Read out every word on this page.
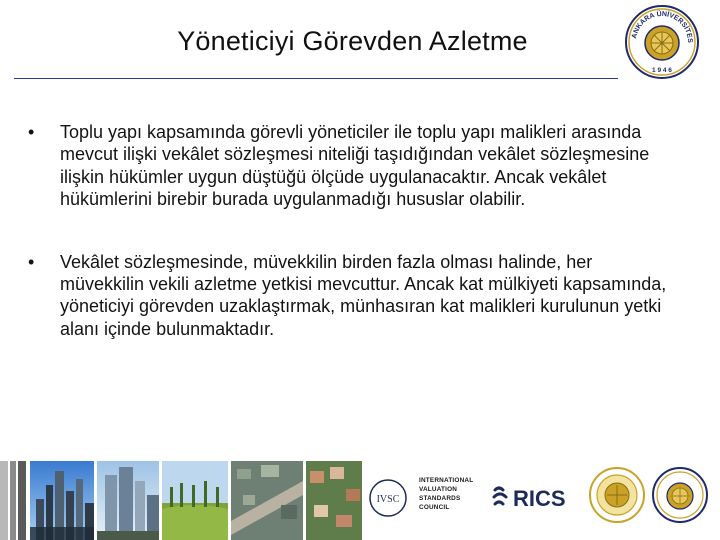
Yöneticiyi Görevden Azletme	ANKARA ÜNİVERSİTES
1 9 4 6

• Toplu yapı kapsamında görevli yöneticiler ile toplu yapı malikleri arasında mevcut ilişki vekâlet sözleşmesi niteliği taşıdığından vekâlet sözleşmesine ilişkin hükümler uygun düştüğü ölçüde uygulanacaktır. Ancak vekâlet hükümlerini birebir burada uygulanmadığı hususlar olabilir.

• Vekâlet sözleşmesinde, müvekkilin birden fazla olması halinde, her müvekkilin vekili azletme yetkisi mevcuttur. Ancak kat mülkiyeti kapsamında, yöneticiyi görevden uzaklaştırmak, münhasıran kat malikleri kurulunun yetki alanı içinde bulunmaktadır.

IVSC
INTERNATIONAL
VALUATION
STANDARDS
COUNCIL	RICS
